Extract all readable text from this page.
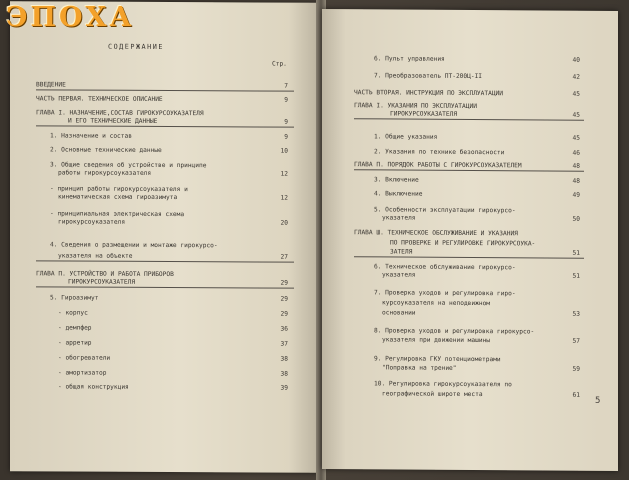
СОДЕРЖАНИЕ
Стр.
ВВЕДЕНИЕ	7
ЧАСТЬ ПЕРВАЯ. ТЕХНИЧЕСКОЕ ОПИСАНИЕ	9
ГЛАВА I. НАЗНАЧЕНИЕ,СОСТАВ ГИРОКУРСОУКАЗАТЕЛЯ
И ЕГО ТЕХНИЧЕСКИЕ ДАННЫЕ	9
1. Назначение и состав	9
2. Основные технические данные	10
3. Общие сведения об устройстве и принципе
работы гирокурсоуказателя	12
- принцип работы гирокурсоуказателя и
кинематическая схема гироазимута	12
- принципиальная электрическая схема
гирокурсоуказателя	20
4. Сведения о размещении и монтаже гирокурсо-
указателя на объекте	27
ГЛАВА П. УСТРОЙСТВО И РАБОТА ПРИБОРОВ
ГИРОКУРСОУКАЗАТЕЛЯ	29
5. Гироазимут	29
- корпус	29
- демпфер	36
- арретир	37
- обогреватели	38
- амортизатор	38
- общая конструкция	39
6. Пульт управления	40
7. Преобразователь ПТ-200Ц-II	42
ЧАСТЬ ВТОРАЯ. ИНСТРУКЦИЯ ПО ЭКСПЛУАТАЦИИ	45
ГЛАВА I. УКАЗАНИЯ ПО ЭКСПЛУАТАЦИИ
ГИРОКУРСОУКАЗАТЕЛЯ	45
1. Общие указания	45
2. Указания по технике безопасности	46
ГЛАВА П. ПОРЯДОК РАБОТЫ С ГИРОКУРСОУКАЗАТЕЛЕМ	48
3. Включение	48
4. Выключение	49
5. Особенности эксплуатации гирокурсо-
указателя	50
ГЛАВА Ш. ТЕХНИЧЕСКОЕ ОБСЛУЖИВАНИЕ И УКАЗАНИЯ
ПО ПРОВЕРКЕ И РЕГУЛИРОВКЕ ГИРОКУРСОУКА-
ЗАТЕЛЯ	51
6. Техническое обслуживание гирокурсо-
указателя	51
7. Проверка уходов и регулировка гиро-
курсоуказателя на неподвижном
основании	53
8. Проверка уходов и регулировка гирокурсо-
указателя при движении машины	57
9. Регулировка ГКУ потенциометрами
"Поправка на трение"	59
10. Регулировка гирокурсоуказателя по
географической широте места	61
ЭПОХА
5
